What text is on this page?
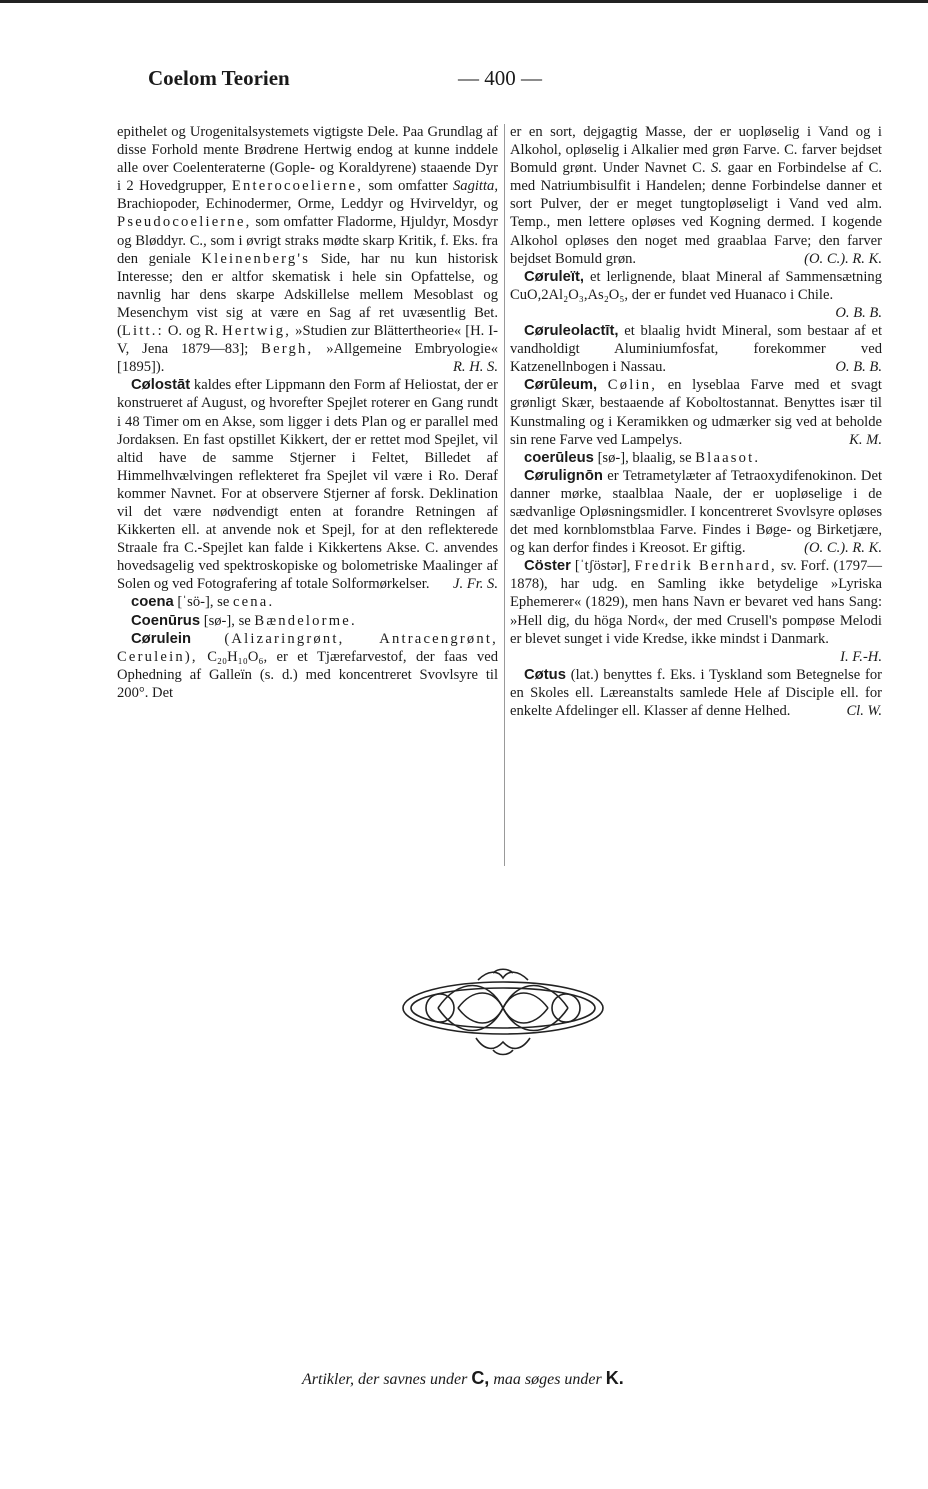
Coelom Teorien	— 400 —

epithelet og Urogenitalsystemets vigtigste Dele. Paa Grundlag af disse Forhold mente Brødrene Hertwig endog at kunne inddele alle over Coelenteraterne (Gople- og Koraldyrene) staaende Dyr i 2 Hovedgrupper, Enterocoelierne, som omfatter Sagitta, Brachiopoder, Echinodermer, Orme, Leddyr og Hvirveldyr, og Pseudocoelierne, som omfatter Fladorme, Hjuldyr, Mosdyr og Bløddyr. C., som i øvrigt straks mødte skarp Kritik, f. Eks. fra den geniale Kleinenberg's Side, har nu kun historisk Interesse; den er altfor skematisk i hele sin Opfattelse, og navnlig har dens skarpe Adskillelse mellem Mesoblast og Mesenchym vist sig at være en Sag af ret uvæsentlig Bet. (Litt.: O. og R. Hertwig, »Studien zur Blättertheorie« [H. I-V, Jena 1879—83]; Bergh, »Allgemeine Embryologie« [1895]).	R. H. S.

Cølostāt kaldes efter Lippmann den Form af Heliostat, der er konstrueret af August, og hvorefter Spejlet roterer en Gang rundt i 48 Timer om en Akse, som ligger i dets Plan og er parallel med Jordaksen. En fast opstillet Kikkert, der er rettet mod Spejlet, vil altid have de samme Stjerner i Feltet, Billedet af Himmelhvælvingen reflekteret fra Spejlet vil være i Ro. Deraf kommer Navnet. For at observere Stjerner af forsk. Deklination vil det være nødvendigt enten at forandre Retningen af Kikkerten ell. at anvende nok et Spejl, for at den reflekterede Straale fra C.-Spejlet kan falde i Kikkertens Akse. C. anvendes hovedsagelig ved spektroskopiske og bolometriske Maalinger af Solen og ved Fotografering af totale Solformørkelser.	J. Fr. S.

coena [ˈsö-], se cena.

Coenūrus [sø-], se Bændelorme.

Cørulein (Alizaringrønt, Antracengrønt, Cerulein), C₂₀H₁₀O₆, er et Tjærefarvestof, der faas ved Ophedning af Galleïn (s. d.) med koncentreret Svovlsyre til 200°. Det

er en sort, dejgagtig Masse, der er uopløselig i Vand og i Alkohol, opløselig i Alkalier med grøn Farve. C. farver bejdset Bomuld grønt. Under Navnet C. S. gaar en Forbindelse af C. med Natriumbisulfit i Handelen; denne Forbindelse danner et sort Pulver, der er meget tungtopløseligt i Vand ved alm. Temp., men lettere opløses ved Kogning dermed. I kogende Alkohol opløses den noget med graablaa Farve; den farver bejdset Bomuld grøn.	(O. C.). R. K.

Cøruleït, et lerlignende, blaat Mineral af Sammensætning CuO,2Al₂O₃,As₂O₅, der er fundet ved Huanaco i Chile.
O. B. B.

Cøruleolactīt, et blaalig hvidt Mineral, som bestaar af et vandholdigt Aluminiumfosfat, forekommer ved Katzenellnbogen i Nassau.	O. B. B.

Cørūleum, Cølin, en lyseblaa Farve med et svagt grønligt Skær, bestaaende af Koboltostannat. Benyttes især til Kunstmaling og i Keramikken og udmærker sig ved at beholde sin rene Farve ved Lampelys.	K. M.

coerūleus [sø-], blaalig, se Blaasot.

Cørulignōn er Tetrametylæter af Tetraoxydifenokinon. Det danner mørke, staalblaa Naale, der er uopløselige i de sædvanlige Opløsningsmidler. I koncentreret Svovlsyre opløses det med kornblomstblaa Farve. Findes i Bøge- og Birketjære, og kan derfor findes i Kreosot. Er giftig.	(O. C.). R. K.

Cöster [ˈtʃöstər], Fredrik Bernhard, sv. Forf. (1797—1878), har udg. en Samling ikke betydelige »Lyriska Ephemerer« (1829), men hans Navn er bevaret ved hans Sang: »Hell dig, du höga Nord«, der med Crusell's pompøse Melodi er blevet sunget i vide Kredse, ikke mindst i Danmark.
I. F.-H.

Cøtus (lat.) benyttes f. Eks. i Tyskland som Betegnelse for en Skoles ell. Læreanstalts samlede Hele af Disciple ell. for enkelte Afdelinger ell. Klasser af denne Helhed.	Cl. W.

Artikler, der savnes under C, maa søges under K.
